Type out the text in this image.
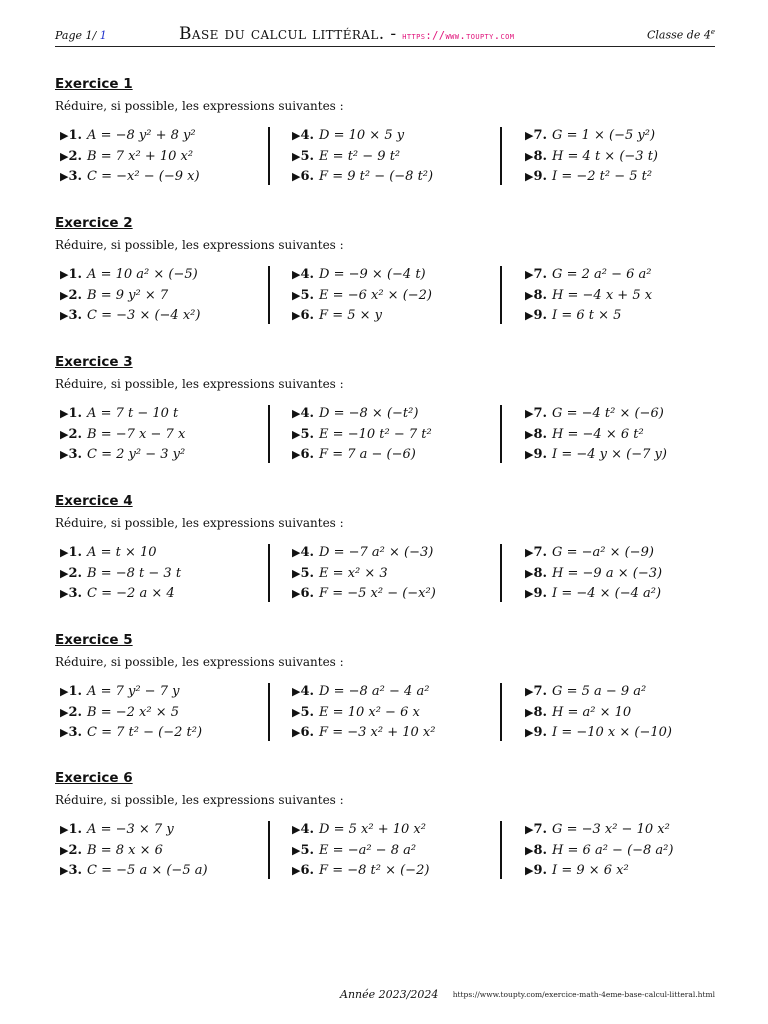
Page 1/ 1	Base du calcul littéral. - https://www.toupty.com	Classe de 4e
Exercice 1
Réduire, si possible, les expressions suivantes :
▶1. A = −8 y² + 8 y²
▶2. B = 7 x² + 10 x²
▶3. C = −x² − (−9 x)
▶4. D = 10 × 5 y
▶5. E = t² − 9 t²
▶6. F = 9 t² − (−8 t²)
▶7. G = 1 × (−5 y²)
▶8. H = 4 t × (−3 t)
▶9. I = −2 t² − 5 t²
Exercice 2
Réduire, si possible, les expressions suivantes :
▶1. A = 10 a² × (−5)
▶2. B = 9 y² × 7
▶3. C = −3 × (−4 x²)
▶4. D = −9 × (−4 t)
▶5. E = −6 x² × (−2)
▶6. F = 5 × y
▶7. G = 2 a² − 6 a²
▶8. H = −4 x + 5 x
▶9. I = 6 t × 5
Exercice 3
Réduire, si possible, les expressions suivantes :
▶1. A = 7 t − 10 t
▶2. B = −7 x − 7 x
▶3. C = 2 y² − 3 y²
▶4. D = −8 × (−t²)
▶5. E = −10 t² − 7 t²
▶6. F = 7 a − (−6)
▶7. G = −4 t² × (−6)
▶8. H = −4 × 6 t²
▶9. I = −4 y × (−7 y)
Exercice 4
Réduire, si possible, les expressions suivantes :
▶1. A = t × 10
▶2. B = −8 t − 3 t
▶3. C = −2 a × 4
▶4. D = −7 a² × (−3)
▶5. E = x² × 3
▶6. F = −5 x² − (−x²)
▶7. G = −a² × (−9)
▶8. H = −9 a × (−3)
▶9. I = −4 × (−4 a²)
Exercice 5
Réduire, si possible, les expressions suivantes :
▶1. A = 7 y² − 7 y
▶2. B = −2 x² × 5
▶3. C = 7 t² − (−2 t²)
▶4. D = −8 a² − 4 a²
▶5. E = 10 x² − 6 x
▶6. F = −3 x² + 10 x²
▶7. G = 5 a − 9 a²
▶8. H = a² × 10
▶9. I = −10 x × (−10)
Exercice 6
Réduire, si possible, les expressions suivantes :
▶1. A = −3 × 7 y
▶2. B = 8 x × 6
▶3. C = −5 a × (−5 a)
▶4. D = 5 x² + 10 x²
▶5. E = −a² − 8 a²
▶6. F = −8 t² × (−2)
▶7. G = −3 x² − 10 x²
▶8. H = 6 a² − (−8 a²)
▶9. I = 9 × 6 x²
Année 2023/2024 https://www.toupty.com/exercice-math-4eme-base-calcul-litteral.html
